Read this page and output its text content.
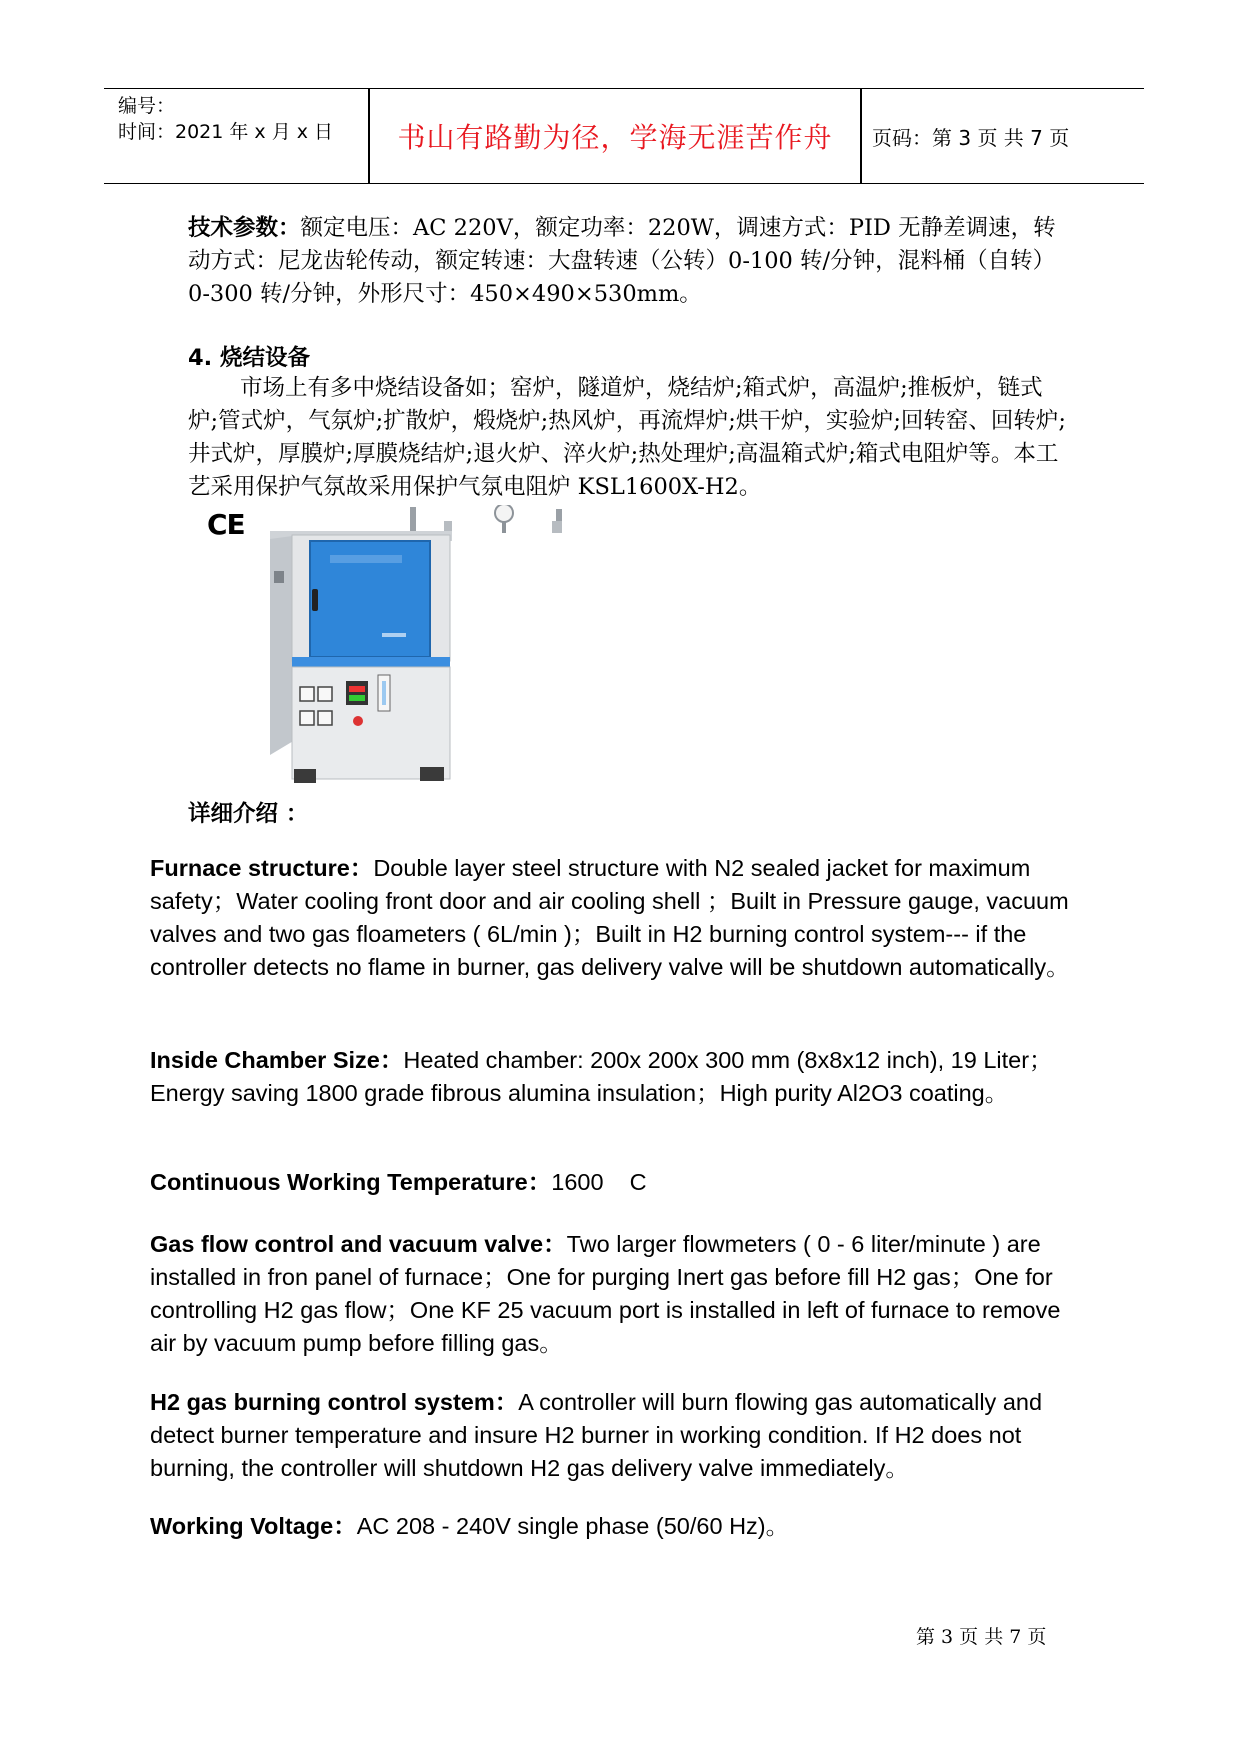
编号：
时间：2021 年 x 月 x 日	书山有路勤为径，学海无涯苦作舟	页码：第 3 页 共 7 页
技术参数：额定电压：AC 220V，额定功率：220W，调速方式：PID 无静差调速，转动方式：尼龙齿轮传动，额定转速：大盘转速（公转）0-100 转/分钟，混料桶（自转）0-300 转/分钟，外形尺寸：450×490×530mm。
4. 烧结设备
市场上有多中烧结设备如；窑炉，隧道炉，烧结炉;箱式炉，高温炉;推板炉，链式炉;管式炉，气氛炉;扩散炉，煅烧炉;热风炉，再流焊炉;烘干炉，实验炉;回转窑、回转炉;井式炉，厚膜炉;厚膜烧结炉;退火炉、淬火炉;热处理炉;高温箱式炉;箱式电阻炉等。本工艺采用保护气氛故采用保护气氛电阻炉 KSL1600X-H2。
CE
详细介绍 ：
Furnace structure：Double layer steel structure with N2 sealed jacket for maximum safety；Water cooling front door and air cooling shell ；Built in Pressure gauge, vacuum valves and two gas floameters ( 6L/min )；Built in H2 burning control system--- if the controller detects no flame in burner, gas delivery valve will be shutdown automatically。
Inside Chamber Size：Heated chamber: 200x 200x 300 mm (8x8x12 inch), 19 Liter；Energy saving 1800 grade fibrous alumina insulation；High purity Al2O3 coating。
Continuous Working Temperature：1600    C
Gas flow control and vacuum valve：Two larger flowmeters ( 0 - 6 liter/minute ) are installed in fron panel of furnace；One for purging Inert gas before fill H2 gas；One for controlling H2 gas flow；One KF 25 vacuum port is installed in left of furnace to remove air by vacuum pump before filling gas。
H2 gas burning control system：A controller will burn flowing gas automatically and detect burner temperature and insure H2 burner in working condition. If H2 does not burning, the controller will shutdown H2 gas delivery valve immediately。
Working Voltage：AC 208 - 240V single phase (50/60 Hz)。
第 3 页 共 7 页
